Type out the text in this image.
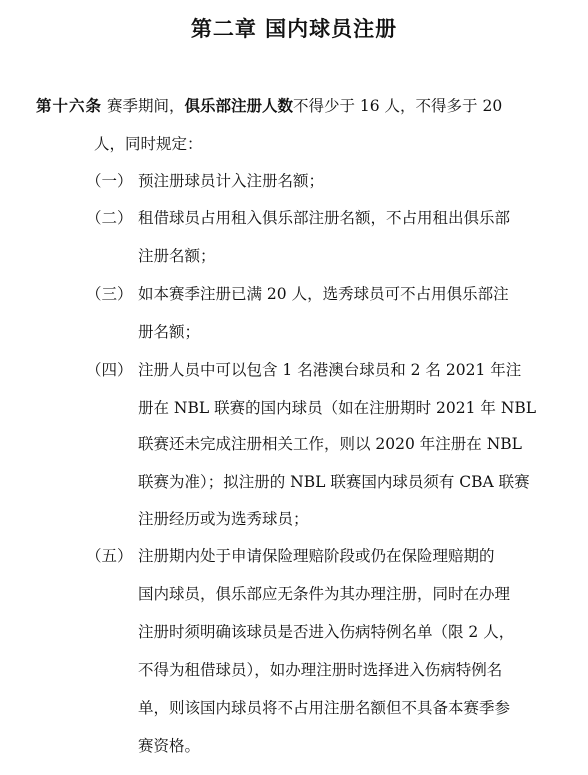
第二章 国内球员注册
第十六条 赛季期间，俱乐部注册人数不得少于 16 人，不得多于 20
人，同时规定：
（一） 预注册球员计入注册名额；
（二） 租借球员占用租入俱乐部注册名额，不占用租出俱乐部
注册名额；
（三） 如本赛季注册已满 20 人，选秀球员可不占用俱乐部注
册名额；
（四） 注册人员中可以包含 1 名港澳台球员和 2 名 2021 年注
册在 NBL 联赛的国内球员（如在注册期时 2021 年 NBL
联赛还未完成注册相关工作，则以 2020 年注册在 NBL
联赛为准）；拟注册的 NBL 联赛国内球员须有 CBA 联赛
注册经历或为选秀球员；
（五） 注册期内处于申请保险理赔阶段或仍在保险理赔期的
国内球员，俱乐部应无条件为其办理注册，同时在办理
注册时须明确该球员是否进入伤病特例名单（限 2 人，
不得为租借球员），如办理注册时选择进入伤病特例名
单，则该国内球员将不占用注册名额但不具备本赛季参
赛资格。
